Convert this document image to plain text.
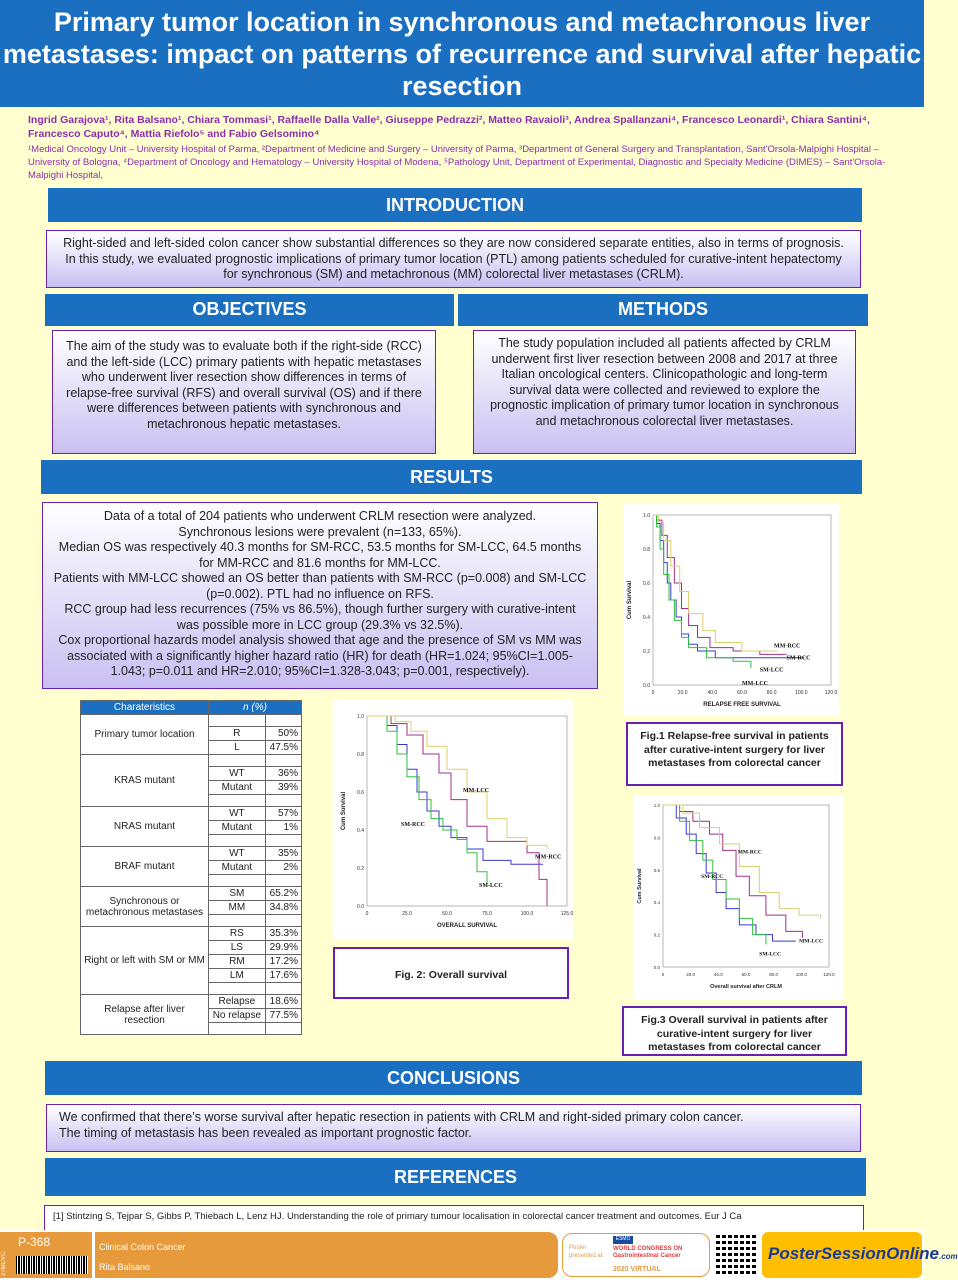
Primary tumor location in synchronous and metachronous liver metastases: impact on patterns of recurrence and survival after hepatic resection
Ingrid Garajova¹, Rita Balsano¹, Chiara Tommasi¹, Raffaelle Dalla Valle², Giuseppe Pedrazzi², Matteo Ravaioli³, Andrea Spallanzani⁴, Francesco Leonardi¹, Chiara Santini⁴, Francesco Caputo⁴, Mattia Riefolo⁵ and Fabio Gelsomino⁴
¹Medical Oncology Unit – University Hospital of Parma, ²Department of Medicine and Surgery – University of Parma, ³Department of General Surgery and Transplantation, Sant'Orsola-Malpighi Hospital – University of Bologna, ⁴Department of Oncology and Hematology – University Hospital of Modena, ⁵Pathology Unit, Department of Experimental, Diagnostic and Specialty Medicine (DIMES) – Sant'Orsola-Malpighi Hospital,
INTRODUCTION
Right-sided and left-sided colon cancer show substantial differences so they are now considered separate entities, also in terms of prognosis. In this study, we evaluated prognostic implications of primary tumor location (PTL) among patients scheduled for curative-intent hepatectomy for synchronous (SM) and metachronous (MM) colorectal liver metastases (CRLM).
OBJECTIVES	METHODS
The aim of the study was to evaluate both if the right-side (RCC) and the left-side (LCC) primary patients with hepatic metastases who underwent liver resection show differences in terms of relapse-free survival (RFS) and overall survival (OS) and if there were differences between patients with synchronous and metachronous hepatic metastases.
The study population included all patients affected by CRLM underwent first liver resection between 2008 and 2017 at three Italian oncological centers. Clinicopathologic and long-term survival data were collected and reviewed to explore the prognostic implication of primary tumor location in synchronous and metachronous colorectal liver metastases.
RESULTS
Data of a total of 204 patients who underwent CRLM resection were analyzed.
Synchronous lesions were prevalent (n=133, 65%).
Median OS was respectively 40.3 months for SM-RCC, 53.5 months for SM-LCC, 64.5 months for MM-RCC and 81.6 months for MM-LCC.
Patients with MM-LCC showed an OS better than patients with SM-RCC (p=0.008) and SM-LCC (p=0.002). PTL had no influence on RFS.
RCC group had less recurrences (75% vs 86.5%), though further surgery with curative-intent was possible more in LCC group (29.3% vs 32.5%).
Cox proportional hazards model analysis showed that age and the presence of SM vs MM was associated with a significantly higher hazard ratio (HR) for death (HR=1.024; 95%CI=1.005-1.043; p=0.011 and HR=2.010; 95%CI=1.328-3.043; p=0.001, respectively).
Charateristics	n (%)	
Primary tumor location		
	R	50%
	L	47.5%
KRAS mutant		
	WT	36%
	Mutant	39%

NRAS mutant	WT	57%
	Mutant	1%

BRAF mutant	WT	35%
	Mutant	2%

Synchronous or metachronous metastases	SM	65.2%
	MM	34.8%

Right or left with SM or MM	RS	35.3%
	LS	29.9%
	RM	17.2%
	LM	17.6%

Relapse after liver resection	Relapse	18.6%
	No relapse	77.5%

0.0
0.2
0.4
0.6
0.8
1.0
0	20.0	40.0	60.0	80.0	100.0	120.0
RELAPSE FREE SURVIVAL
Cum Survival
MM-RCC
SM-RCC
SM-LCC
MM-LCC
Fig.1 Relapse-free survival in patients after curative-intent surgery for liver metastases from colorectal cancer
0.0
0.2
0.4
0.6
0.8
1.0
0	25.0	50.0	75.0	100.0	125.0
OVERALL SURVIVAL
Cum Survival
MM-LCC
SM-RCC
MM-RCC
SM-LCC
Fig. 2: Overall survival
0.0
0.2
0.4
0.6
0.8
1.0
0	20.0	40.0	60.0	80.0	100.0	120.0
Overall survival after CRLM
Cum Survival
MM-RCC
SM-RCC
MM-LCC
SM-LCC
Fig.3 Overall survival in patients after curative-intent surgery for liver metastases from colorectal cancer
CONCLUSIONS
We confirmed that there’s worse survival after hepatic resection in patients with CRLM and right-sided primary colon cancer.
The timing of metastasis has been revealed as important prognostic factor.
REFERENCES
[1] Stintzing S, Tejpar S, Gibbs P, Thiebach L, Lenz HJ. Understanding the role of primary tumour localisation in colorectal cancer treatment and outcomes. Eur J Ca
27MCVC
P-368	Clinical Colon Cancer
Rita Balsano
Poster presented at:
ESMO
WORLD CONGRESS ON Gastrointestinal Cancer
2020 VIRTUAL
PosterSessionOnline.com
